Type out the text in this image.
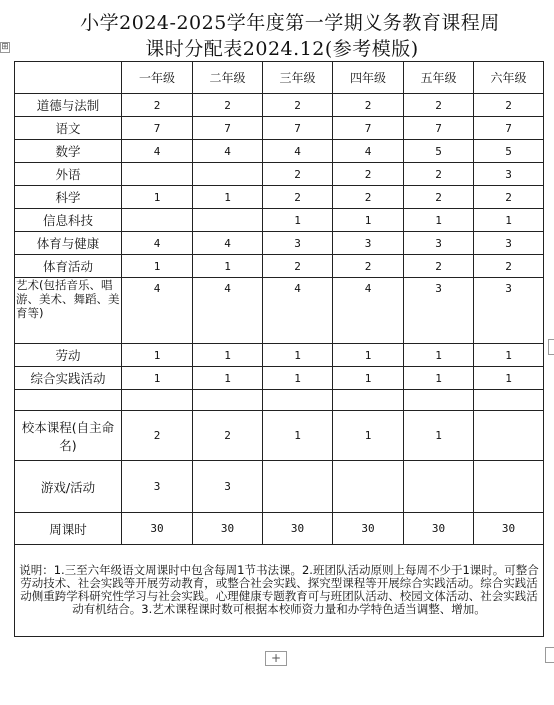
小学2024-2025学年度第一学期义务教育课程周
课时分配表2024.12(参考模版)
⊞
+
	一年级	二年级	三年级	四年级	五年级	六年级
道德与法制	2	2	2	2	2	2
语文	7	7	7	7	7	7
数学	4	4	4	4	5	5
外语			2	2	2	3
科学	1	1	2	2	2	2
信息科技			1	1	1	1
体育与健康	4	4	3	3	3	3
体育活动	1	1	2	2	2	2
艺术(包括音乐、唱游、美术、舞蹈、美育等)	4	4	4	4	3	3
劳动	1	1	1	1	1	1
综合实践活动	1	1	1	1	1	1

校本课程(自主命名)	2	2	1	1	1	
游戏/活动	3	3				
周课时	30	30	30	30	30	30
说明：1.三至六年级语文周课时中包含每周1节书法课。2.班团队活动原则上每周不少于1课时。可整合劳动技术、社会实践等开展劳动教育，或整合社会实践、探究型课程等开展综合实践活动。综合实践活动侧重跨学科研究性学习与社会实践。心理健康专题教育可与班团队活动、校园文体活动、社会实践活动有机结合。3.艺术课程课时数可根据本校师资力量和办学特色适当调整、增加。						
